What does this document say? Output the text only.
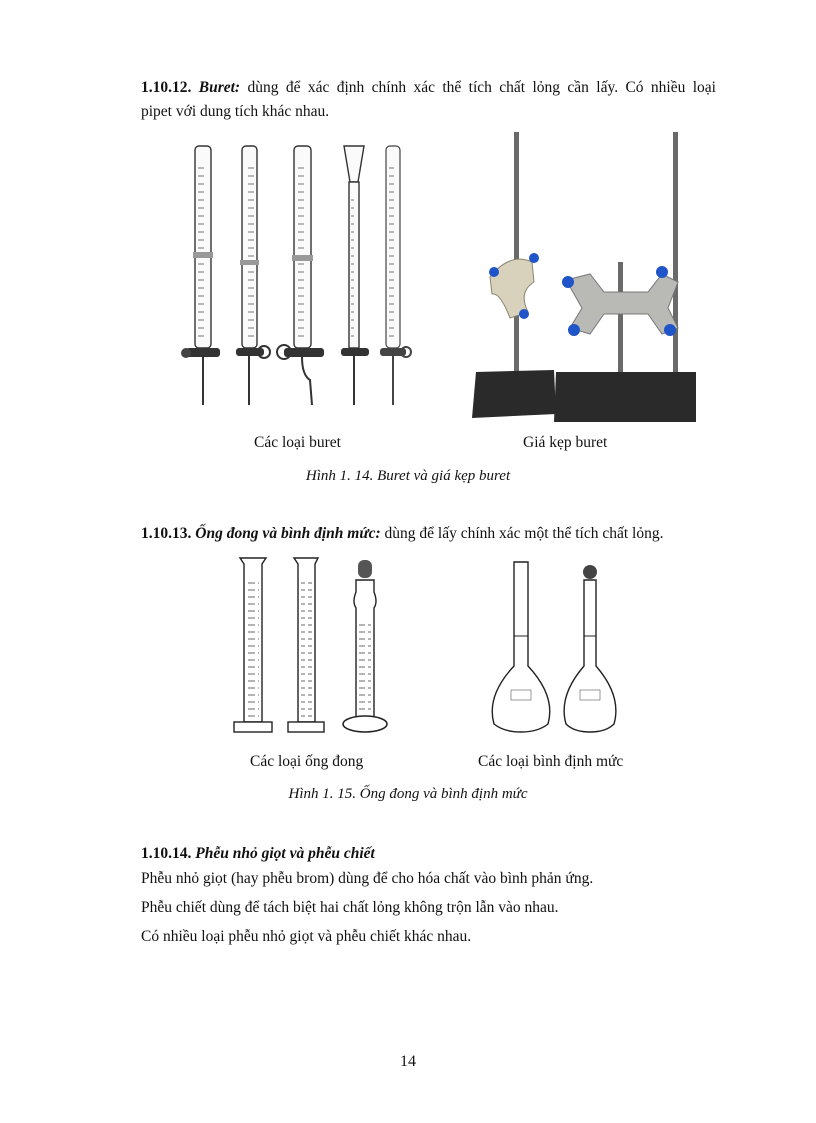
1.10.12. Buret: dùng để xác định chính xác thể tích chất lỏng cần lấy. Có nhiều loại

pipet với dung tích khác nhau.

Các loại buret	Giá kẹp buret
Hình 1. 14. Buret và giá kẹp buret

1.10.13. Ống đong và bình định mức: dùng để lấy chính xác một thể tích chất lỏng.

Các loại ống đong	Các loại bình định mức
Hình 1. 15. Ống đong và bình định mức

1.10.14. Phễu nhỏ giọt và phễu chiết

Phễu nhỏ giọt (hay phễu brom) dùng để cho hóa chất vào bình phản ứng.

Phễu chiết dùng để tách biệt hai chất lỏng không trộn lẫn vào nhau.

Có nhiều loại phễu nhỏ giọt và phễu chiết khác nhau.

14
